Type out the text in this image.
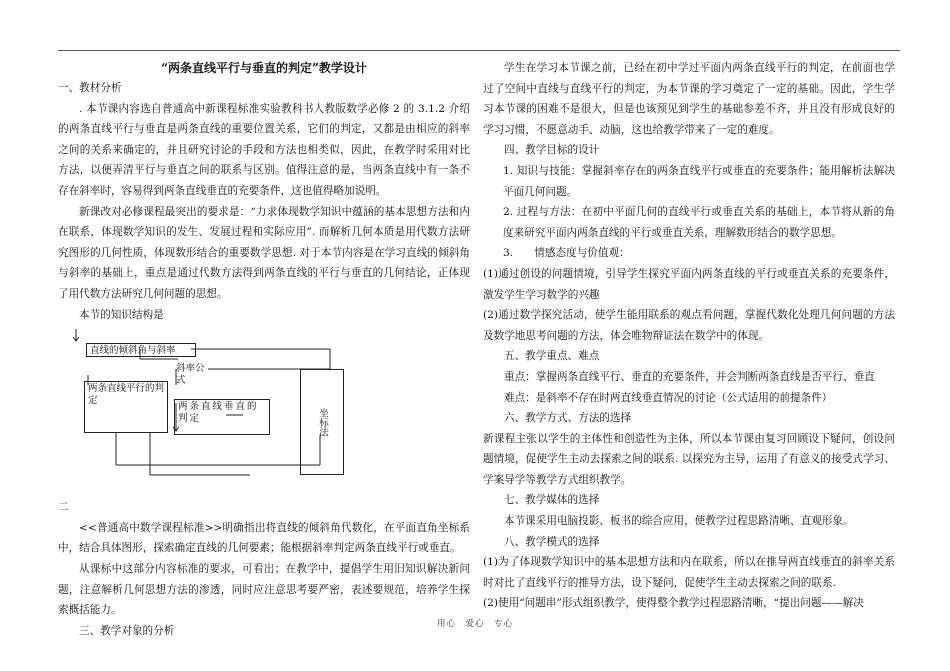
“两条直线平行与垂直的判定”教学设计

一、教材分析

. 本节课内容选自普通高中新课程标准实验教科书人教版数学必修 2 的 3.1.2 介绍的两条直线平行与垂直是两条直线的重要位置关系，它们的判定，又都是由相应的斜率之间的关系来确定的，并且研究讨论的手段和方法也相类似，因此，在教学时采用对比方法，以便弄清平行与垂直之间的联系与区别。值得注意的是，当两条直线中有一条不存在斜率时，容易得到两条直线垂直的充要条件，这也值得略加说明。

新课改对必修课程最突出的要求是：“力求体现数学知识中蕴涵的基本思想方法和内在联系，体现数学知识的发生、发展过程和实际应用”. 而解析几何本质是用代数方法研究图形的几何性质，体现数形结合的重要数学思想. 对于本节内容是在学习直线的倾斜角与斜率的基础上，重点是通过代数方法得到两条直线的平行与垂直的几何结论，正体现了用代数方法研究几何问题的思想。

本节的知识结构是

直线的倾斜角与斜率
斜率公式
两条直线平行的判定
两条直线垂直的判定	坐标法

二

<<普通高中数学课程标准>>明确指出将直线的倾斜角代数化，在平面直角坐标系中，结合具体图形，探索确定直线的几何要素；能根据斜率判定两条直线平行或垂直。

从课标中这部分内容标准的要求，可看出；在教学中，提倡学生用旧知识解决新问题，注意解析几何思想方法的渗透，同时应注意思考要严密，表述要规范，培养学生探索概括能力。

三、教学对象的分析

学生在学习本节课之前，已经在初中学过平面内两条直线平行的判定，在前面也学过了空间中直线与直线平行的判定，为本节课的学习奠定了一定的基础。因此，学生学习本节课的困难不是很大，但是也该预见到学生的基础参差不齐，并且没有形成良好的学习习惯，不愿意动手、动脑，这也给教学带来了一定的难度。

四、教学目标的设计

1. 知识与技能：掌握斜率存在的两条直线平行或垂直的充要条件；能用解析法解决平面几何问题。

2. 过程与方法：在初中平面几何的直线平行或垂直关系的基础上，本节将从新的角度来研究平面内两条直线的平行或垂直关系，理解数形结合的数学思想。

3.　　情感态度与价值观：

(1)通过创设的问题情境，引导学生探究平面内两条直线的平行或垂直关系的充要条件，激发学生学习数学的兴趣

(2)通过数学探究活动，使学生能用联系的观点看问题，掌握代数化处理几何问题的方法及数学地思考问题的方法，体会唯物辩证法在数学中的体现。

五、教学重点、难点

重点：掌握两条直线平行、垂直的充要条件，并会判断两条直线是否平行、垂直

难点：是斜率不存在时两直线垂直情况的讨论（公式适用的前提条件）

六、教学方式、方法的选择

新课程主张以学生的主体性和创造性为主体，所以本节课由复习回顾设下疑问，创设问题情境，促使学生主动去探索之间的联系. 以探究为主导，运用了有意义的接受式学习、学案导学等教学方式组织教学。

七、教学媒体的选择

本节课采用电脑投影、板书的综合应用，使教学过程思路清晰、直观形象。

八、教学模式的选择

(1)为了体现数学知识中的基本思想方法和内在联系，所以在推导两直线垂直的斜率关系时对比了直线平行的推导方法，设下疑问，促使学生主动去探索之间的联系.

(2)使用“问题串”形式组织教学，使得整个教学过程思路清晰，“提出问题——解决

用心　爱心　专心
